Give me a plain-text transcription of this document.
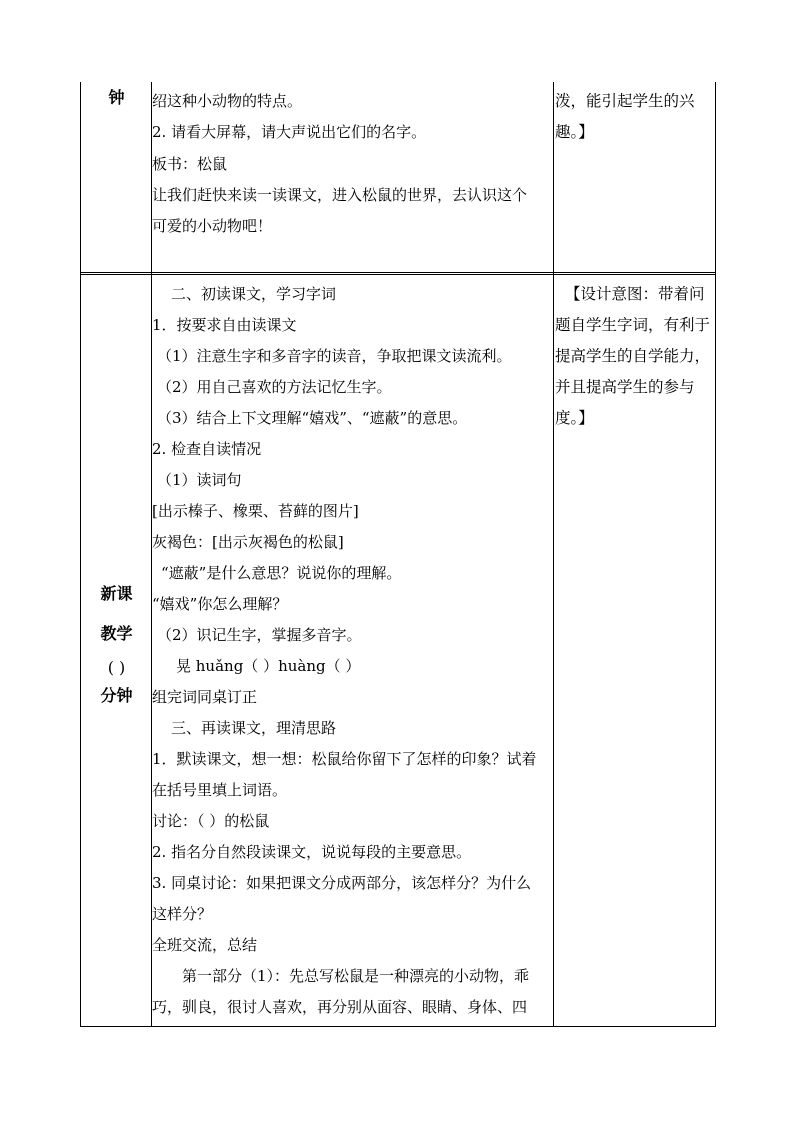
钟	绍这种小动物的特点。
2. 请看大屏幕，请大声说出它们的名字。
板书：松鼠
让我们赶快来读一读课文，进入松鼠的世界，去认识这个
可爱的小动物吧！
泼，能引起学生的兴
趣。】
新课
教学
( )
分钟
二、初读课文，学习字词
1．按要求自由读课文
（1）注意生字和多音字的读音，争取把课文读流利。
（2）用自己喜欢的方法记忆生字。
（3）结合上下文理解“嬉戏”、“遮蔽”的意思。
2. 检查自读情况
（1）读词句
[出示榛子、橡栗、苔藓的图片]
灰褐色：[出示灰褐色的松鼠]
“遮蔽”是什么意思？说说你的理解。
“嬉戏”你怎么理解？
（2）识记生字，掌握多音字。
晃 huǎng（ ）huàng（ ）
组完词同桌订正
三、再读课文，理清思路
1．默读课文，想一想：松鼠给你留下了怎样的印象？试着
在括号里填上词语。
讨论：（ ）的松鼠
2. 指名分自然段读课文，说说每段的主要意思。
3. 同桌讨论：如果把课文分成两部分，该怎样分？为什么
这样分？
全班交流，总结
第一部分（1）：先总写松鼠是一种漂亮的小动物，乖
巧，驯良，很讨人喜欢，再分别从面容、眼睛、身体、四
【设计意图：带着问
题自学生字词，有利于
提高学生的自学能力，
并且提高学生的参与
度。】
